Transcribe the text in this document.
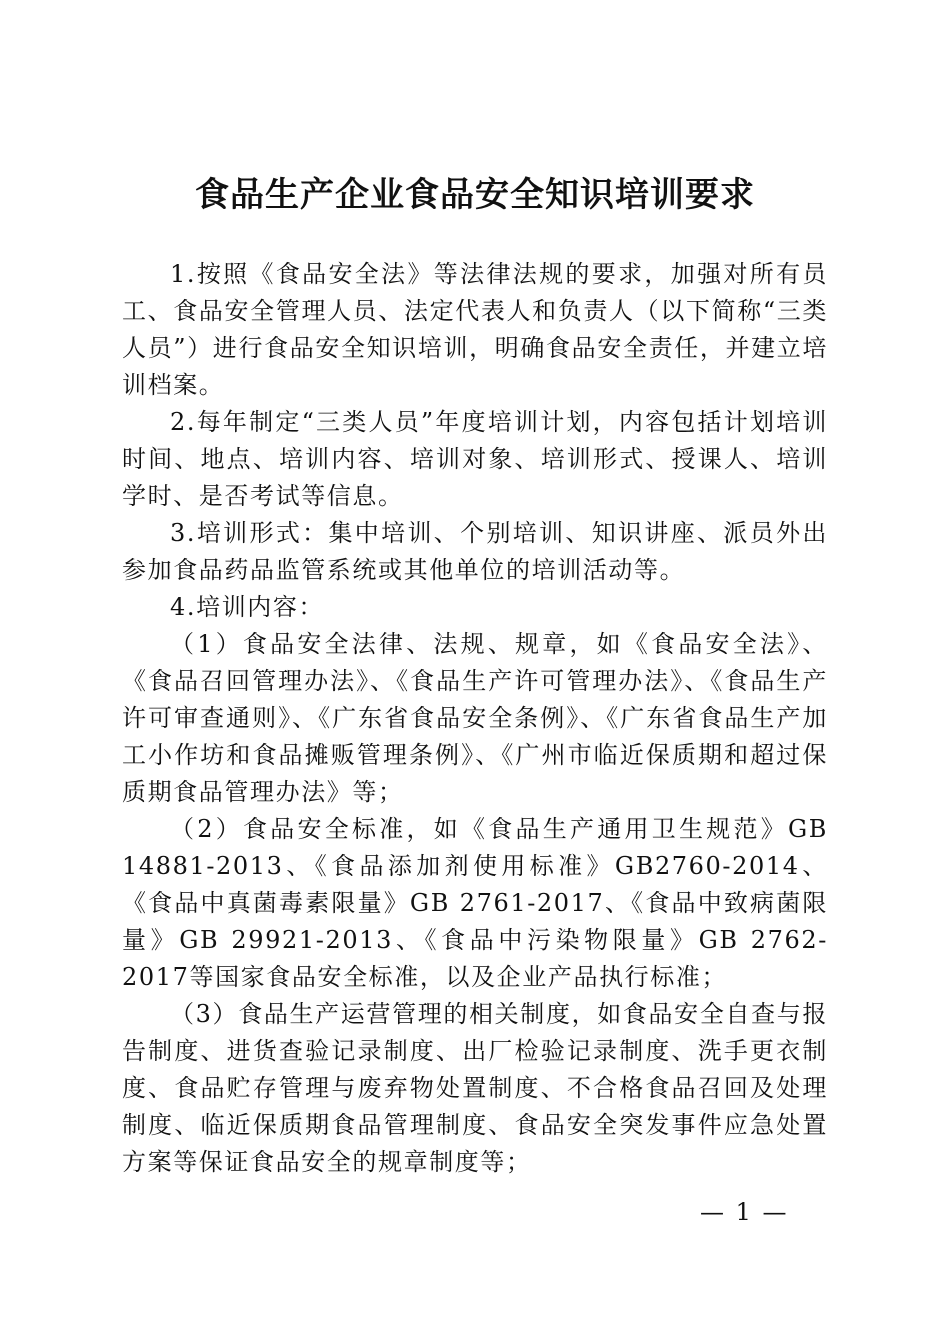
食品生产企业食品安全知识培训要求

1.按照《食品安全法》等法律法规的要求，加强对所有员工、食品安全管理人员、法定代表人和负责人（以下简称“三类人员”）进行食品安全知识培训，明确食品安全责任，并建立培训档案。

2.每年制定“三类人员”年度培训计划，内容包括计划培训时间、地点、培训内容、培训对象、培训形式、授课人、培训学时、是否考试等信息。

3.培训形式：集中培训、个别培训、知识讲座、派员外出参加食品药品监管系统或其他单位的培训活动等。

4.培训内容：

（1）食品安全法律、法规、规章，如《食品安全法》、《食品召回管理办法》、《食品生产许可管理办法》、《食品生产许可审查通则》、《广东省食品安全条例》、《广东省食品生产加工小作坊和食品摊贩管理条例》、《广州市临近保质期和超过保质期食品管理办法》等；

（2）食品安全标准，如《食品生产通用卫生规范》GB 14881-2013、《食品添加剂使用标准》GB2760-2014、《食品中真菌毒素限量》GB 2761-2017、《食品中致病菌限量》GB 29921-2013、《食品中污染物限量》GB 2762-2017等国家食品安全标准，以及企业产品执行标准；

（3）食品生产运营管理的相关制度，如食品安全自查与报告制度、进货查验记录制度、出厂检验记录制度、洗手更衣制度、食品贮存管理与废弃物处置制度、不合格食品召回及处理制度、临近保质期食品管理制度、食品安全突发事件应急处置方案等保证食品安全的规章制度等；

— 1 —
